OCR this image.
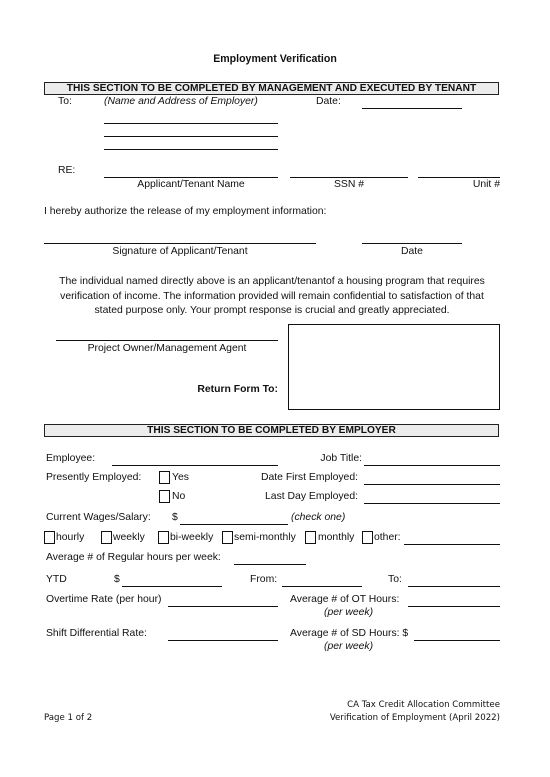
Employment Verification
THIS SECTION TO BE COMPLETED BY MANAGEMENT AND EXECUTED BY TENANT
To:	(Name and Address of Employer)	Date:
RE:
Applicant/Tenant Name	SSN #	Unit #
I hereby authorize the release of my employment information:
Signature of Applicant/Tenant	Date
The individual named directly above is an applicant/tenantof a housing program that requires
verification of income. The information provided will remain confidential to satisfaction of that
stated purpose only. Your prompt response is crucial and greatly appreciated.
Project Owner/Management Agent
Return Form To:
THIS SECTION TO BE COMPLETED BY EMPLOYER
Employee:	Job Title:
Presently Employed:	Yes	Date First Employed:
No	Last Day Employed:
Current Wages/Salary: $	(check one)
hourly	weekly bi-weekly semi-monthly monthly other:
Average # of Regular hours per week:
YTD	$	From:	To:
Overtime Rate (per hour)	Average # of OT Hours:
(per week)
Shift Differential Rate:	Average # of SD Hours: $
(per week)
CA Tax Credit Allocation Committee
Page 1 of 2	Verification of Employment (April 2022)
